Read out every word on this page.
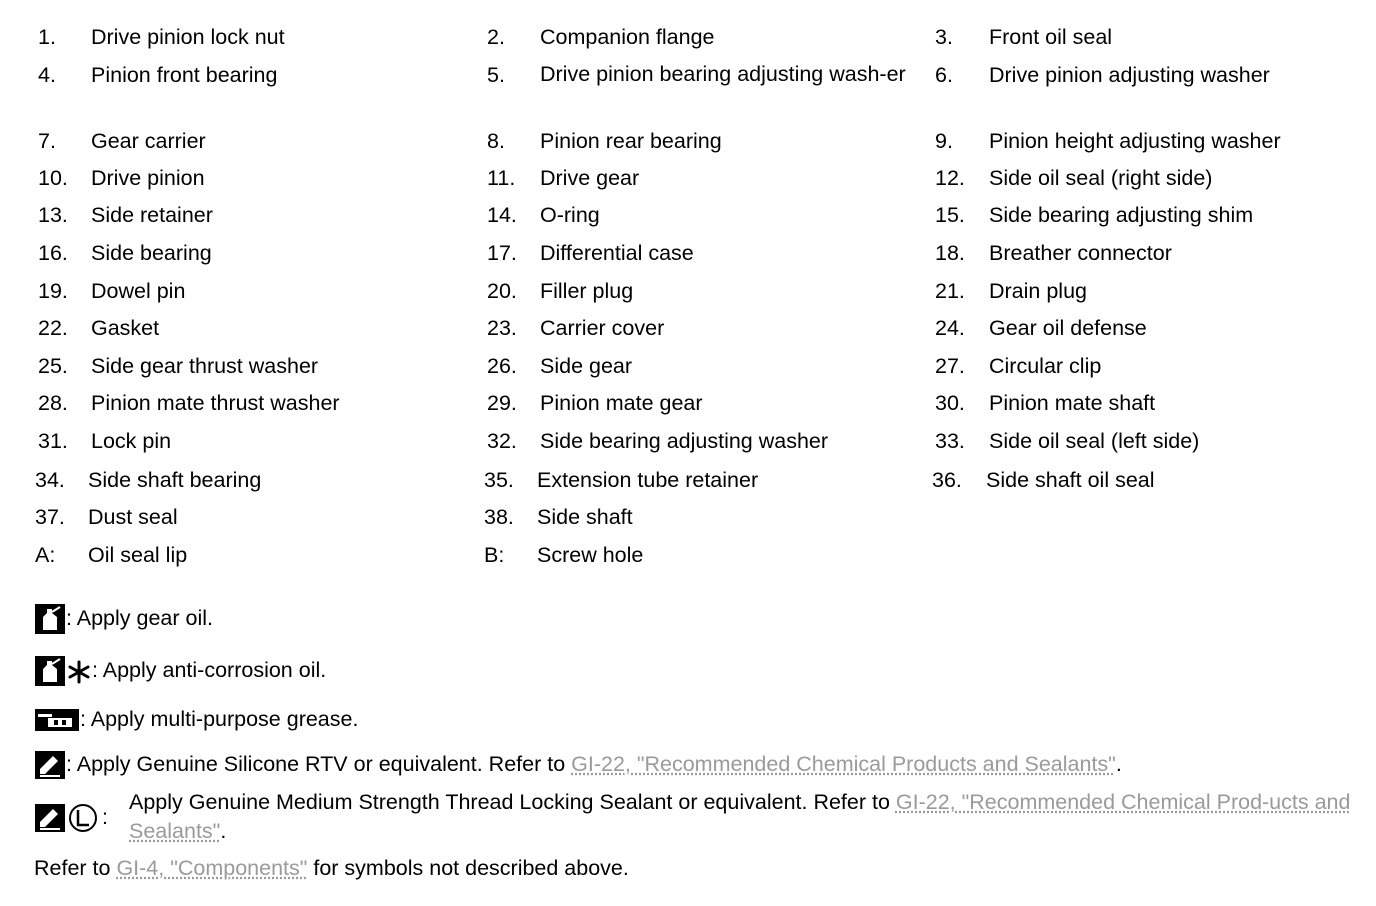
1. Drive pinion lock nut	2. Companion flange	3. Front oil seal
4. Pinion front bearing	5. Drive pinion bearing adjusting wash-er	6. Drive pinion adjusting washer
7. Gear carrier	8. Pinion rear bearing	9. Pinion height adjusting washer
10. Drive pinion	11. Drive gear	12. Side oil seal (right side)
13. Side retainer	14. O-ring	15. Side bearing adjusting shim
16. Side bearing	17. Differential case	18. Breather connector
19. Dowel pin	20. Filler plug	21. Drain plug
22. Gasket	23. Carrier cover	24. Gear oil defense
25. Side gear thrust washer	26. Side gear	27. Circular clip
28. Pinion mate thrust washer	29. Pinion mate gear	30. Pinion mate shaft
31. Lock pin	32. Side bearing adjusting washer	33. Side oil seal (left side)
34. Side shaft bearing	35. Extension tube retainer	36. Side shaft oil seal
37. Dust seal	38. Side shaft
A: Oil seal lip	B: Screw hole
: Apply gear oil.
: Apply anti-corrosion oil.
: Apply multi-purpose grease.
: Apply Genuine Silicone RTV or equivalent. Refer to GI-22, "Recommended Chemical Products and Sealants".
:
Apply Genuine Medium Strength Thread Locking Sealant or equivalent. Refer to GI-22, "Recommended Chemical Prod-ucts and Sealants".
Refer to GI-4, "Components" for symbols not described above.
